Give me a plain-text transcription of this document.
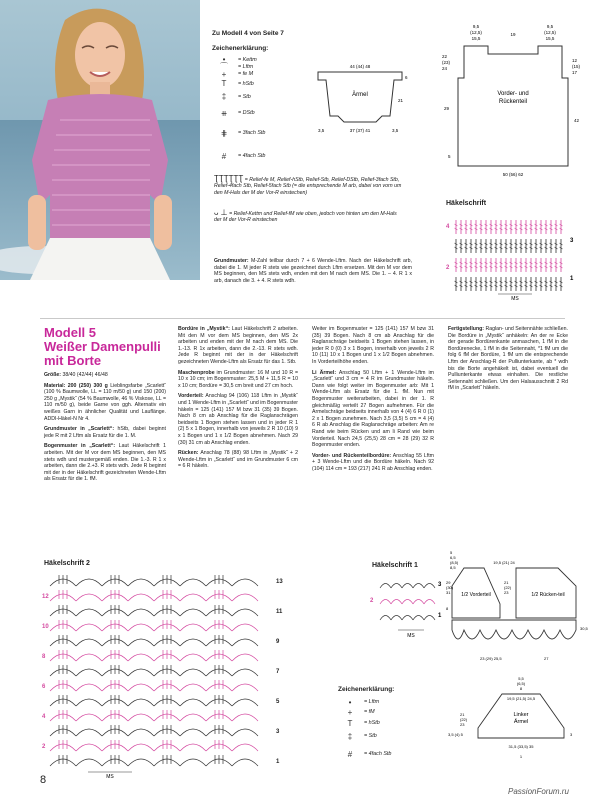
Zu Modell 4 von Seite 7
Zeichenerklärung:
•	= Kettm
⌒	= Lftm
+	= fe M
T	= hStb
‡	= Stb
⧺	= DStb
⋕	= 3fach Stb
#	= 4fach Stb
ƮƮƮƮƮƮ = Relief-fe M, Relief-hStb, Relief-Stb, Relief-DStb, Relief-3fach Stb, Relief-4fach Stb, Relief-5fach Stb (= die entsprechende M arb, dabei von vorn um den M-Hals der M der Vor-R einstechen)
ᴗ ⊥ = Relief-Kettm und Relief-fM wie oben, jedoch von hinten um den M-Hals der M der Vor-R einstechen
Grundmuster: M-Zahl teilbar durch 7 + 6 Wende-Lftm. Nach der Häkelschrift arb, dabei die 1. M jeder R stets wie gezeichnet durch Lftm ersetzen. Mit den M vor dem MS beginnen, den MS stets wdh, enden mit den M nach dem MS. Die 1. – 4. R 1 x arb, danach die 3. + 4. R stets wdh.
44 (44) 48
Ärmel
6
21
3,5	37 (37) 41	3,5
9,5
(12,5)
15,5
19
9,5
(12,5)
15,5
22
(23)
24
12
(15)
17
29
42
5
50 (56) 62
Vorder- und
Rückenteil
Häkelschrift
4
3
2
1
MS
Modell 5
Weißer Damenpulli
mit Borte

Größe: 38/40 (42/44) 46/48

Material: 200 (250) 300 g Lieblingsfarbe „Scarlett“ (100 % Baumwolle, LL = 110 m/50 g) und 150 (200) 250 g „Mystik“ (54 % Baumwolle, 46 % Viskose, LL = 110 m/50 g), beide Garne von ggh. Alternativ ein weißes Garn in ähnlicher Qualität und Lauflänge. ADDI-Häkel-N Nr 4.

Grundmuster in „Scarlett“: hStb, dabei beginnt jede R mit 2 Lftm als Ersatz für die 1. M.

Bogenmuster in „Scarlett“: Laut Häkelschrift 1 arbeiten. Mit der M vor dem MS beginnen, den MS stets wdh und mustergemäß enden. Die 1.-3. R 1 x arbeiten, dann die 2.+3. R stets wdh. Jede R beginnt mit der in der Häkelschrift gezeichneten Wende-Lftm als Ersatz für die 1. fM.

Bordüre in „Mystik“: Laut Häkelschrift 2 arbeiten. Mit den M vor dem MS beginnen, den MS 2x arbeiten und enden mit der M nach dem MS. Die 1.-13. R 1x arbeiten, dann die 2.-13. R stets wdh. Jede R beginnt mit der in der Häkelschrift gezeichneten Wende-Lftm als Ersatz für das 1. Stb.

Maschenprobe im Grundmuster: 16 M und 10 R = 10 x 10 cm; im Bogenmuster: 25,5 M + 11,5 R = 10 x 10 cm; Bordüre = 30,5 cm breit und 27 cm hoch.

Vorderteil: Anschlag 94 (106) 118 Lftm in „Mystik“ und 1 Wende-Lftm in „Scarlett“ und im Bogenmuster häkeln = 125 (141) 157 M bzw 31 (35) 39 Bogen. Nach 8 cm ab Anschlag für die Raglanschrägen beidseits 1 Bogen stehen lassen und in jeder R 1 (2) 5 x 1 Bogen, innerhalb von jeweils 2 R 10 (10) 9 x 1 Bogen und 1 x 1/2 Bogen abnehmen. Nach 29 (30) 31 cm ab Anschlag enden.

Rücken: Anschlag 78 (88) 98 Lftm in „Mystik“ + 2 Wende-Lftm in „Scarlett“ und im Grundmuster 6 cm = 6 R häkeln.

Weiter im Bogenmuster = 125 (141) 157 M bzw 31 (35) 39 Bogen. Nach 8 cm ab Anschlag für die Raglanschräge beidseits 1 Bogen stehen lassen, in jeder R 0 (0) 3 x 1 Bogen, innerhalb von jeweils 2 R 10 (11) 10 x 1 Bogen und 1 x 1/2 Bogen abnehmen. In Vorderteilhöhe enden.

Li Ärmel: Anschlag 50 Lftm + 1 Wende-Lftm im „Scarlett“ und 3 cm = 4 R im Grundmuster häkeln. Dann wie folgt weiter im Bogenmuster arb: Mit 1 Wende-Lftm als Ersatz für die 1. fM. Nun mit Bogenmuster weiterarbeiten, dabei in der 1. R gleichmäßig verteilt 27 Bogen aufnehmen. Für die Armelschräge beidseits innerhalb von 4 (4) 6 R 0 (1) 2 x 1 Bogen zunehmen. Nach 3,5 (3,5) 5 cm = 4 (4) 6 R ab Anschlag die Raglanschräge arbeiten: Am re Rand wie beim Rücken und am li Rand wie beim Vorderteil. Nach 24,5 (25,5) 28 cm = 28 (29) 32 R Bogenmuster enden.

Vorder- und Rückenteilbordüre: Anschlag 55 Lftm + 3 Wende-Lftm und die Bordüre häkeln. Nach 92 (104) 114 cm = 193 (217) 241 R ab Anschlag enden.

Fertigstellung: Raglan- und Seitennähte schließen. Die Bordüre in „Mystik“ anhäkeln: An der re Ecke der gerade Bordürenkante anmaschen, 1 fM in die Bordürenecke, 1 fM in die Seitennaht, *1 fM um die folg 6 fM der Bordüre, 1 fM um die entsprechende Lftm der Anschlag-R der Pulliunterkante, ab * wdh bis die Borte angehäkelt ist, dabei eventuell die Pulliunterkante etwas einhalten. Die restliche Seitennaht schließen. Um den Halsausschnitt 2 Rd fM in „Scarlett“ häkeln.

Häkelschrift 2
13
12
11
10
9
8
7
6
5
4
3
2
1
MS
Häkelschrift 1
3
2
1
MS
Zeichenerklärung:
•	= Lftm
+	= fM
T	= hStb
‡	= Stb
#	= 4fach Stb
1/2 Vorderteil	1/2 Rücken-teil
5
6,5
(8,5)
8,5
19,5 (21) 24
29
(30)
31
21
(22)
23
8
30,5
23 (29) 25,5	27
Linker
Ärmel
5,5
(6,5)
8
19,5 (21,5) 24,5
21
(22)
23
3,5 (4) 5	3
31,5 (33,5) 35
1
8
PassionForum.ru
